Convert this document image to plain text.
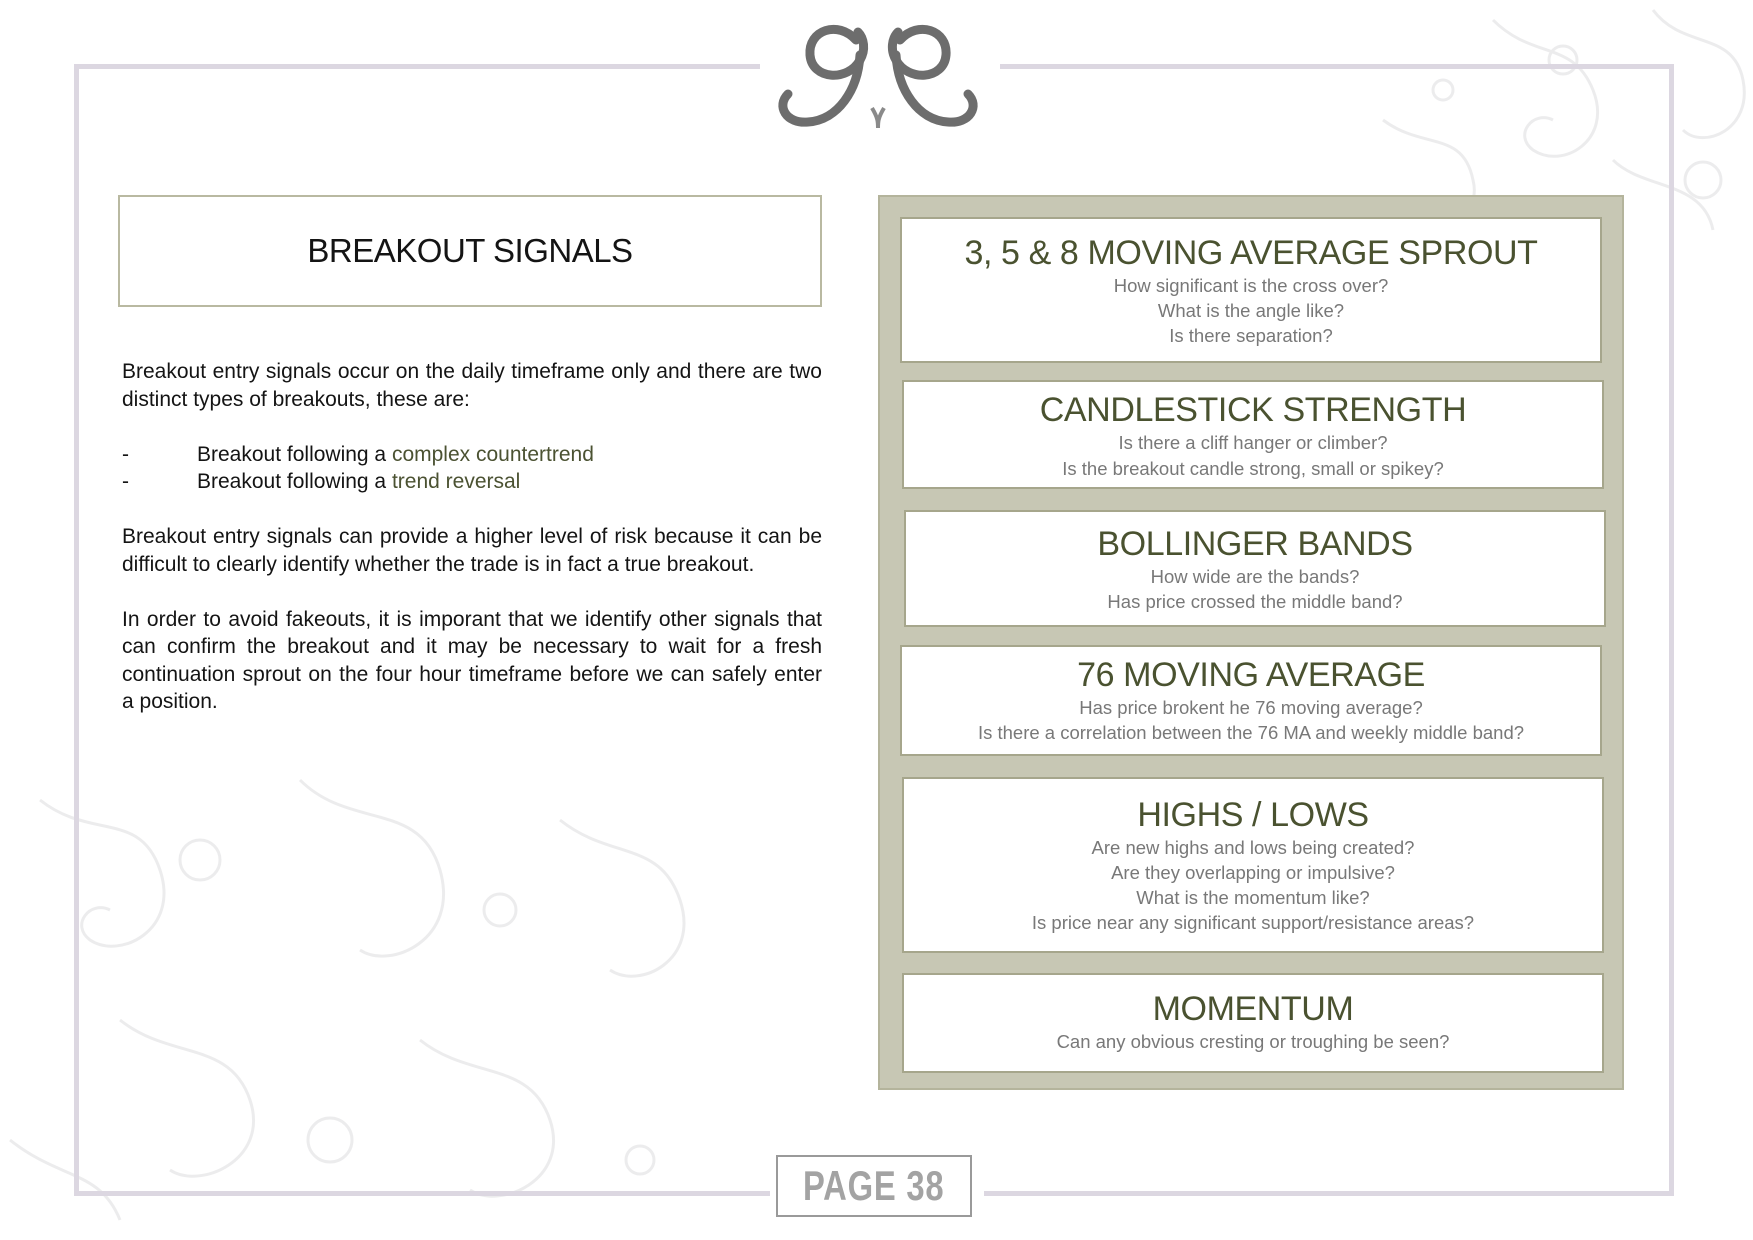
BREAKOUT SIGNALS

Breakout entry signals occur on the daily timeframe only and there are two distinct types of breakouts, these are:

-	Breakout following a complex countertrend
-	Breakout following a trend reversal

Breakout entry signals can provide a higher level of risk because it can be difficult to clearly identify whether the trade is in fact a true breakout.

In order to avoid fakeouts, it is imporant that we identify other signals that can confirm the breakout and it may be necessary to wait for a fresh continuation sprout on the four hour timeframe before we can safely enter a position.

3, 5 & 8 MOVING AVERAGE SPROUT
How significant is the cross over?
What is the angle like?
Is there separation?
CANDLESTICK STRENGTH
Is there a cliff hanger or climber?
Is the breakout candle strong, small or spikey?
BOLLINGER BANDS
How wide are the bands?
Has price crossed the middle band?
76 MOVING AVERAGE
Has price brokent he 76 moving average?
Is there a correlation between the 76 MA and weekly middle band?
HIGHS / LOWS
Are new highs and lows being created?
Are they overlapping or impulsive?
What is the momentum like?
Is price near any significant support/resistance areas?
MOMENTUM
Can any obvious cresting or troughing be seen?
PAGE 38
